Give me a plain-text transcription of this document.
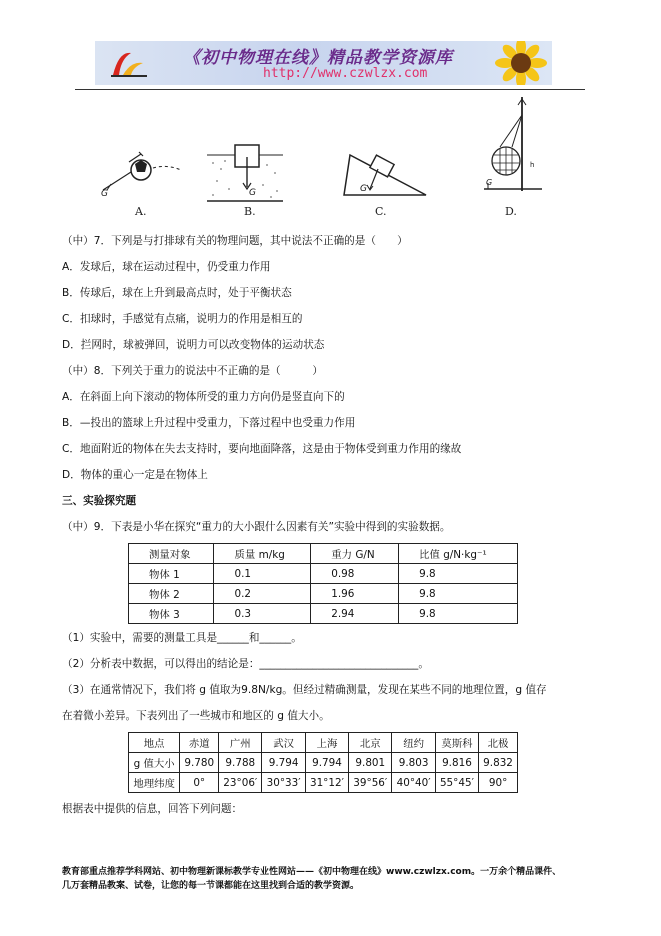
《初中物理在线》精品教学资源库
http://www.czwlzx.com
G
A.
G
B.
G
C.
G
h
D.
（中）7．下列是与打排球有关的物理问题，其中说法不正确的是（　　）
A．发球后，球在运动过程中，仍受重力作用
B．传球后，球在上升到最高点时，处于平衡状态
C．扣球时，手感觉有点痛，说明力的作用是相互的
D．拦网时，球被弹回，说明力可以改变物体的运动状态
（中）8．下列关于重力的说法中不正确的是（　　　）
A．在斜面上向下滚动的物体所受的重力方向仍是竖直向下的
B．—投出的篮球上升过程中受重力，下落过程中也受重力作用
C．地面附近的物体在失去支持时，要向地面降落，这是由于物体受到重力作用的缘故
D．物体的重心一定是在物体上
三、实验探究题
（中）9．下表是小华在探究“重力的大小跟什么因素有关”实验中得到的实验数据。
测量对象	质量 m/kg	重力 G/N	比值 g/N·kg⁻¹
物体 1	0.1	0.98	9.8
物体 2	0.2	1.96	9.8
物体 3	0.3	2.94	9.8
（1）实验中，需要的测量工具是______和______。
（2）分析表中数据，可以得出的结论是：______________________________。
（3）在通常情况下，我们将 g 值取为9.8N/kg。但经过精确测量，发现在某些不同的地理位置，g 值存
在着微小差异。下表列出了一些城市和地区的 g 值大小。
地点	赤道	广州	武汉	上海	北京	纽约	莫斯科	北极
g 值大小	9.780	9.788	9.794	9.794	9.801	9.803	9.816	9.832
地理纬度	0°	23°06′	30°33′	31°12′	39°56′	40°40′	55°45′	90°
根据表中提供的信息，回答下列问题：
教育部重点推荐学科网站、初中物理新课标教学专业性网站——《初中物理在线》www.czwlzx.com。一万余个精品课件、
几万套精品教案、试卷，让您的每一节课都能在这里找到合适的教学资源。
